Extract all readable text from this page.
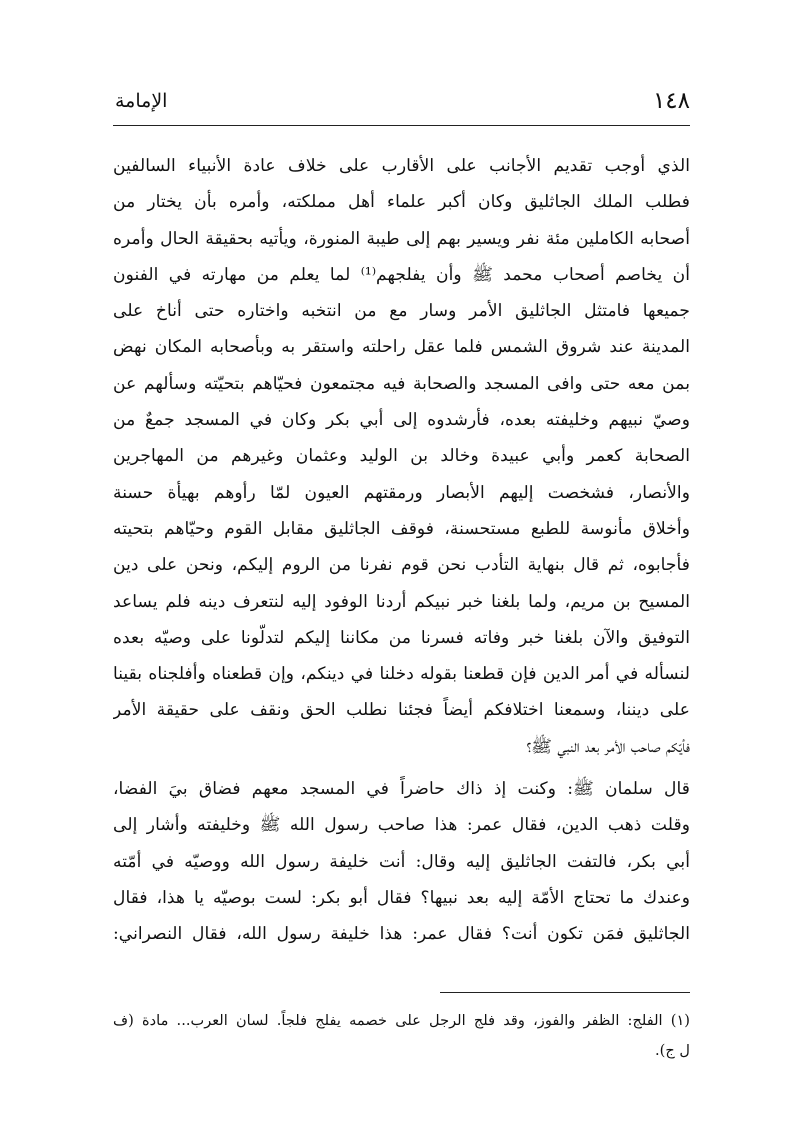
١٤٨
الإمامة
الذي أوجب تقديم الأجانب على الأقارب على خلاف عادة الأنبياء السالفين
فطلب الملك الجاثليق وكان أكبر علماء أهل مملكته، وأمره بأن يختار من
أصحابه الكاملين مئة نفر ويسير بهم إلى طيبة المنورة، ويأتيه بحقيقة الحال وأمره
أن يخاصم أصحاب محمد ﷺ وأن يفلجهم⁽¹⁾ لما يعلم من مهارته في الفنون
جميعها فامتثل الجاثليق الأمر وسار مع من انتخبه واختاره حتى أناخ على
المدينة عند شروق الشمس فلما عقل راحلته واستقر به وبأصحابه المكان نهض
بمن معه حتى وافى المسجد والصحابة فيه مجتمعون فحيّاهم بتحيّته وسألهم عن
وصيّ نبيهم وخليفته بعده، فأرشدوه إلى أبي بكر وكان في المسجد جمعٌ من
الصحابة كعمر وأبي عبيدة وخالد بن الوليد وعثمان وغيرهم من المهاجرين
والأنصار، فشخصت إليهم الأبصار ورمقتهم العيون لمّا رأوهم بهيأة حسنة
وأخلاق مأنوسة للطبع مستحسنة، فوقف الجاثليق مقابل القوم وحيّاهم بتحيته
فأجابوه، ثم قال بنهاية التأدب نحن قوم نفرنا من الروم إليكم، ونحن على دين
المسيح بن مريم، ولما بلغنا خبر نبيكم أردنا الوفود إليه لنتعرف دينه فلم يساعد
التوفيق والآن بلغنا خبر وفاته فسرنا من مكاننا إليكم لتدلّونا على وصيّه بعده
لنسأله في أمر الدين فإن قطعنا بقوله دخلنا في دينكم، وإن قطعناه وأفلجناه بقينا
على ديننا، وسمعنا اختلافكم أيضاً فجئنا نطلب الحق ونقف على حقيقة الأمر
فأيّكم صاحب الأمر بعد النبي ﷺ؟
قال سلمان ﷺ: وكنت إذ ذاك حاضراً في المسجد معهم فضاق بيَ الفضا،
وقلت ذهب الدين، فقال عمر: هذا صاحب رسول الله ﷺ وخليفته وأشار إلى
أبي بكر، فالتفت الجاثليق إليه وقال: أنت خليفة رسول الله ووصيّه في أمّته
وعندك ما تحتاج الأمّة إليه بعد نبيها؟ فقال أبو بكر: لست بوصيّه يا هذا، فقال
الجاثليق فمَن تكون أنت؟ فقال عمر: هذا خليفة رسول الله، فقال النصراني:
(١) الفلج: الظفر والفوز، وقد فلج الرجل على خصمه يفلج فلجاً. لسان العرب... مادة (ف
ل ج).
